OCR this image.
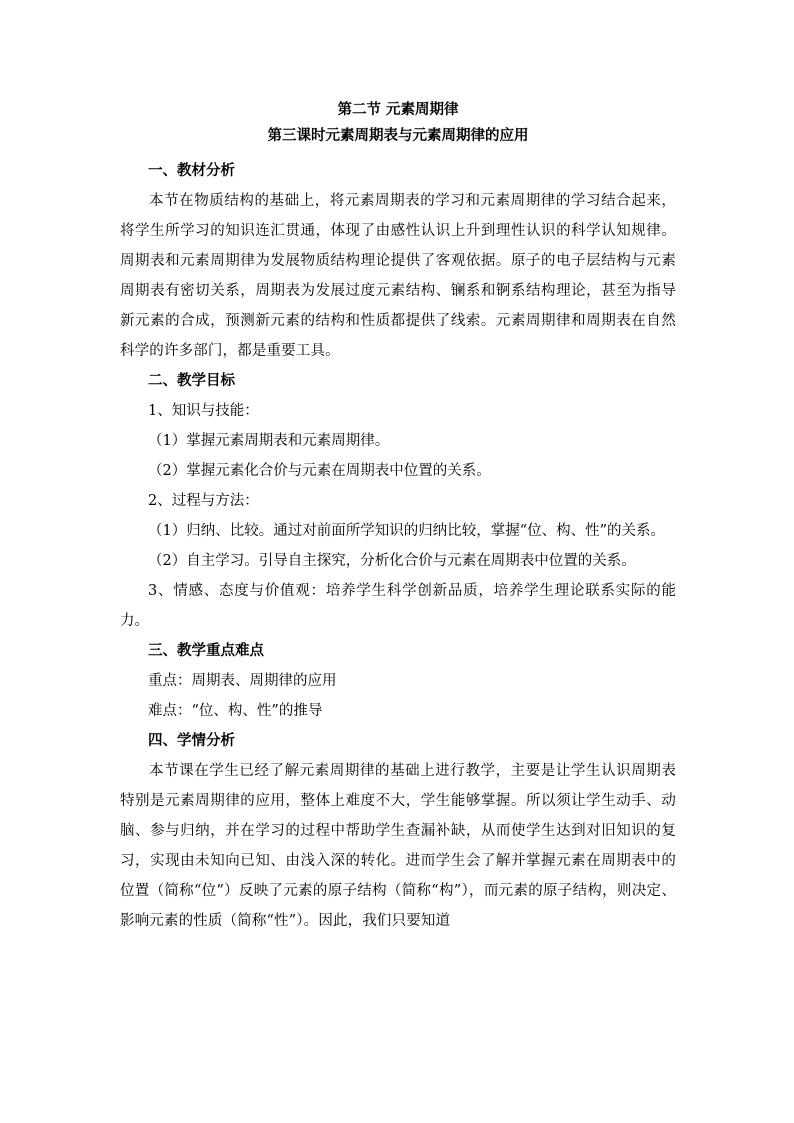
第二节 元素周期律

第三课时元素周期表与元素周期律的应用

一、教材分析

本节在物质结构的基础上，将元素周期表的学习和元素周期律的学习结合起来，将学生所学习的知识连汇贯通，体现了由感性认识上升到理性认识的科学认知规律。周期表和元素周期律为发展物质结构理论提供了客观依据。原子的电子层结构与元素周期表有密切关系，周期表为发展过度元素结构、镧系和锕系结构理论，甚至为指导新元素的合成，预测新元素的结构和性质都提供了线索。元素周期律和周期表在自然科学的许多部门，都是重要工具。

二、教学目标

1、知识与技能：

（1）掌握元素周期表和元素周期律。

（2）掌握元素化合价与元素在周期表中位置的关系。

2、过程与方法：

（1）归纳、比较。通过对前面所学知识的归纳比较，掌握“位、构、性”的关系。

（2）自主学习。引导自主探究，分析化合价与元素在周期表中位置的关系。

3、情感、态度与价值观：培养学生科学创新品质，培养学生理论联系实际的能力。

三、教学重点难点

重点：周期表、周期律的应用

难点：“位、构、性”的推导

四、学情分析

本节课在学生已经了解元素周期律的基础上进行教学，主要是让学生认识周期表特别是元素周期律的应用，整体上难度不大，学生能够掌握。所以须让学生动手、动脑、参与归纳，并在学习的过程中帮助学生查漏补缺，从而使学生达到对旧知识的复习，实现由未知向已知、由浅入深的转化。进而学生会了解并掌握元素在周期表中的位置（简称“位”）反映了元素的原子结构（简称“构”），而元素的原子结构，则决定、影响元素的性质（简称“性”）。因此，我们只要知道
